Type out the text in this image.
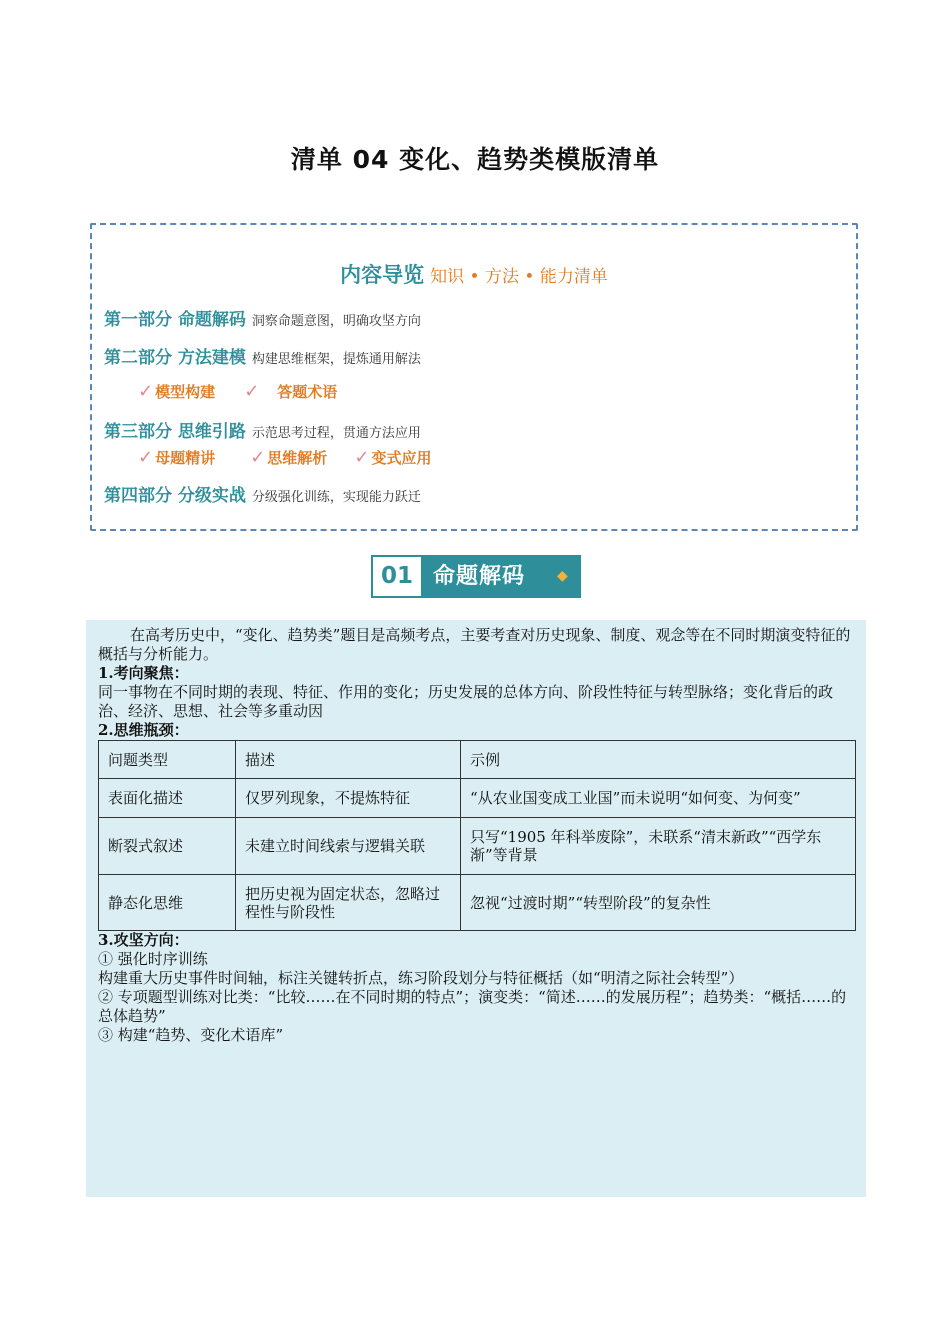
清单 04 变化、趋势类模版清单
内容导览 知识 • 方法 • 能力清单
第一部分 命题解码 洞察命题意图，明确攻坚方向
第二部分 方法建模 构建思维框架，提炼通用解法
✓ 模型构建 ✓ 答题术语
第三部分 思维引路 示范思考过程，贯通方法应用
✓ 母题精讲 ✓ 思维解析 ✓ 变式应用
第四部分 分级实战 分级强化训练，实现能力跃迁
01 命题解码 ◆

在高考历史中，“变化、趋势类”题目是高频考点，主要考查对历史现象、制度、观念等在不同时期演变特征的概括与分析能力。

1.考向聚焦：

同一事物在不同时期的表现、特征、作用的变化；历史发展的总体方向、阶段性特征与转型脉络；变化背后的政治、经济、思想、社会等多重动因

2.思维瓶颈：

问题类型	描述	示例
表面化描述	仅罗列现象，不提炼特征	“从农业国变成工业国”而未说明“如何变、为何变”
断裂式叙述	未建立时间线索与逻辑关联	只写“1905 年科举废除”，未联系“清末新政”“西学东渐”等背景
静态化思维	把历史视为固定状态，忽略过程性与阶段性	忽视“过渡时期”“转型阶段”的复杂性

3.攻坚方向：

① 强化时序训练

构建重大历史事件时间轴，标注关键转折点，练习阶段划分与特征概括（如“明清之际社会转型”）

② 专项题型训练对比类：“比较……在不同时期的特点”；演变类：“简述……的发展历程”；趋势类：“概括……的总体趋势”

③ 构建“趋势、变化术语库”
